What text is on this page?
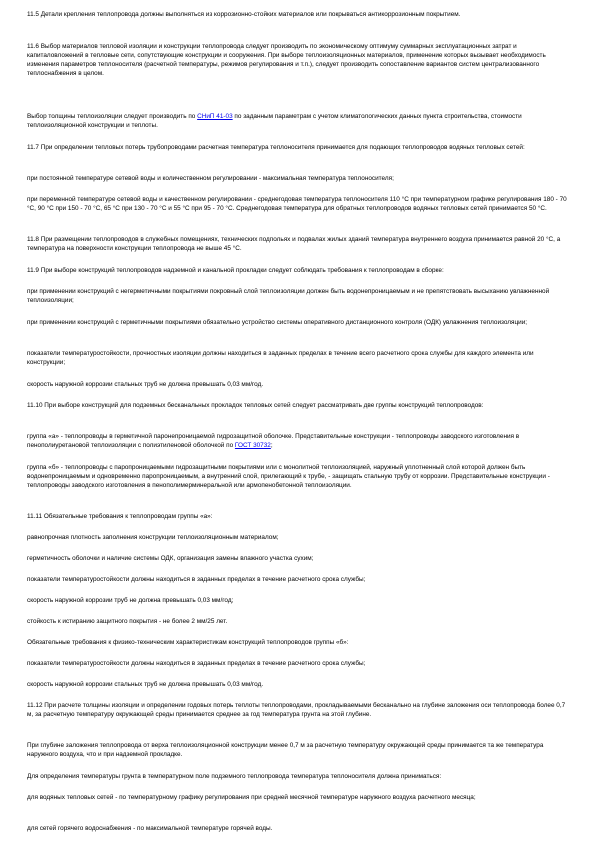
11.5 Детали крепления теплопровода должны выполняться из коррозионно-стойких материалов или покрываться антикоррозионным покрытием.

11.6 Выбор материалов тепловой изоляции и конструкции теплопровода следует производить по экономическому оптимуму суммарных эксплуатационных затрат и капиталовложений в тепловые сети, сопутствующие конструкции и сооружения. При выборе теплоизоляционных материалов, применение которых вызывает необходимость изменения параметров теплоносителя (расчетной температуры, режимов регулирования и т.п.), следует производить сопоставление вариантов систем централизованного теплоснабжения в целом.

Выбор толщины теплоизоляции следует производить по СНиП 41-03 по заданным параметрам с учетом климатологических данных пункта строительства, стоимости теплоизоляционной конструкции и теплоты.

11.7 При определении тепловых потерь трубопроводами расчетная температура теплоносителя принимается для подающих теплопроводов водяных тепловых сетей:

при постоянной температуре сетевой воды и количественном регулировании - максимальная температура теплоносителя;

при переменной температуре сетевой воды и качественном регулировании - среднегодовая температура теплоносителя 110 °С при температурном графике регулирования 180 - 70 °С, 90 °С при 150 - 70 °С, 65 °С при 130 - 70 °С и 55 °С при 95 - 70 °С. Среднегодовая температура для обратных теплопроводов водяных тепловых сетей принимается 50 °С.

11.8 При размещении теплопроводов в служебных помещениях, технических подпольях и подвалах жилых зданий температура внутреннего воздуха принимается равной 20 °С, а температура на поверхности конструкции теплопровода не выше 45 °С.

11.9 При выборе конструкций теплопроводов надземной и канальной прокладки следует соблюдать требования к теплопроводам в сборке:

при применении конструкций с негерметичными покрытиями покровный слой теплоизоляции должен быть водонепроницаемым и не препятствовать высыханию увлажненной теплоизоляции;

при применении конструкций с герметичными покрытиями обязательно устройство системы оперативного дистанционного контроля (ОДК) увлажнения теплоизоляции;

показатели температуростойкости, прочностных изоляции должны находиться в заданных пределах в течение всего расчетного срока службы для каждого элемента или конструкции;

скорость наружной коррозии стальных труб не должна превышать 0,03 мм/год.

11.10 При выборе конструкций для подземных бесканальных прокладок тепловых сетей следует рассматривать две группы конструкций теплопроводов:

группа «а» - теплопроводы в герметичной паронепроницаемой гидрозащитной оболочке. Представительные конструкции - теплопроводы заводского изготовления в пенополиуретановой теплоизоляции с полиэтиленовой оболочкой по ГОСТ 30732;

группа «б» - теплопроводы с паропроницаемыми гидрозащитными покрытиями или с монолитной теплоизоляцией, наружный уплотненный слой которой должен быть водонепроницаемым и одновременно паропроницаемым, а внутренний слой, прилегающий к трубе, - защищать стальную трубу от коррозии. Представительные конструкции - теплопроводы заводского изготовления в пенополимерминеральной или армопенобетонной теплоизоляции.

11.11 Обязательные требования к теплопроводам группы «а»:

равнопрочная плотность заполнения конструкции теплоизоляционным материалом;

герметичность оболочки и наличие системы ОДК, организация замены влажного участка сухим;

показатели температуростойкости должны находиться в заданных пределах в течение расчетного срока службы;

скорость наружной коррозии труб не должна превышать 0,03 мм/год;

стойкость к истиранию защитного покрытия - не более 2 мм/25 лет.

Обязательные требования к физико-техническим характеристикам конструкций теплопроводов группы «б»:

показатели температуростойкости должны находиться в заданных пределах в течение расчетного срока службы;

скорость наружной коррозии стальных труб не должна превышать 0,03 мм/год.

11.12 При расчете толщины изоляции и определении годовых потерь теплоты теплопроводами, прокладываемыми бесканально на глубине заложения оси теплопровода более 0,7 м, за расчетную температуру окружающей среды принимается среднее за год температура грунта на этой глубине.

При глубине заложения теплопровода от верха теплоизоляционной конструкции менее 0,7 м за расчетную температуру окружающей среды принимается та же температура наружного воздуха, что и при надземной прокладке.

Для определения температуры грунта в температурном поле подземного теплопровода температура теплоносителя должна приниматься:

для водяных тепловых сетей - по температурному графику регулирования при средней месячной температуре наружного воздуха расчетного месяца;

для сетей горячего водоснабжения - по максимальной температуре горячей воды.
